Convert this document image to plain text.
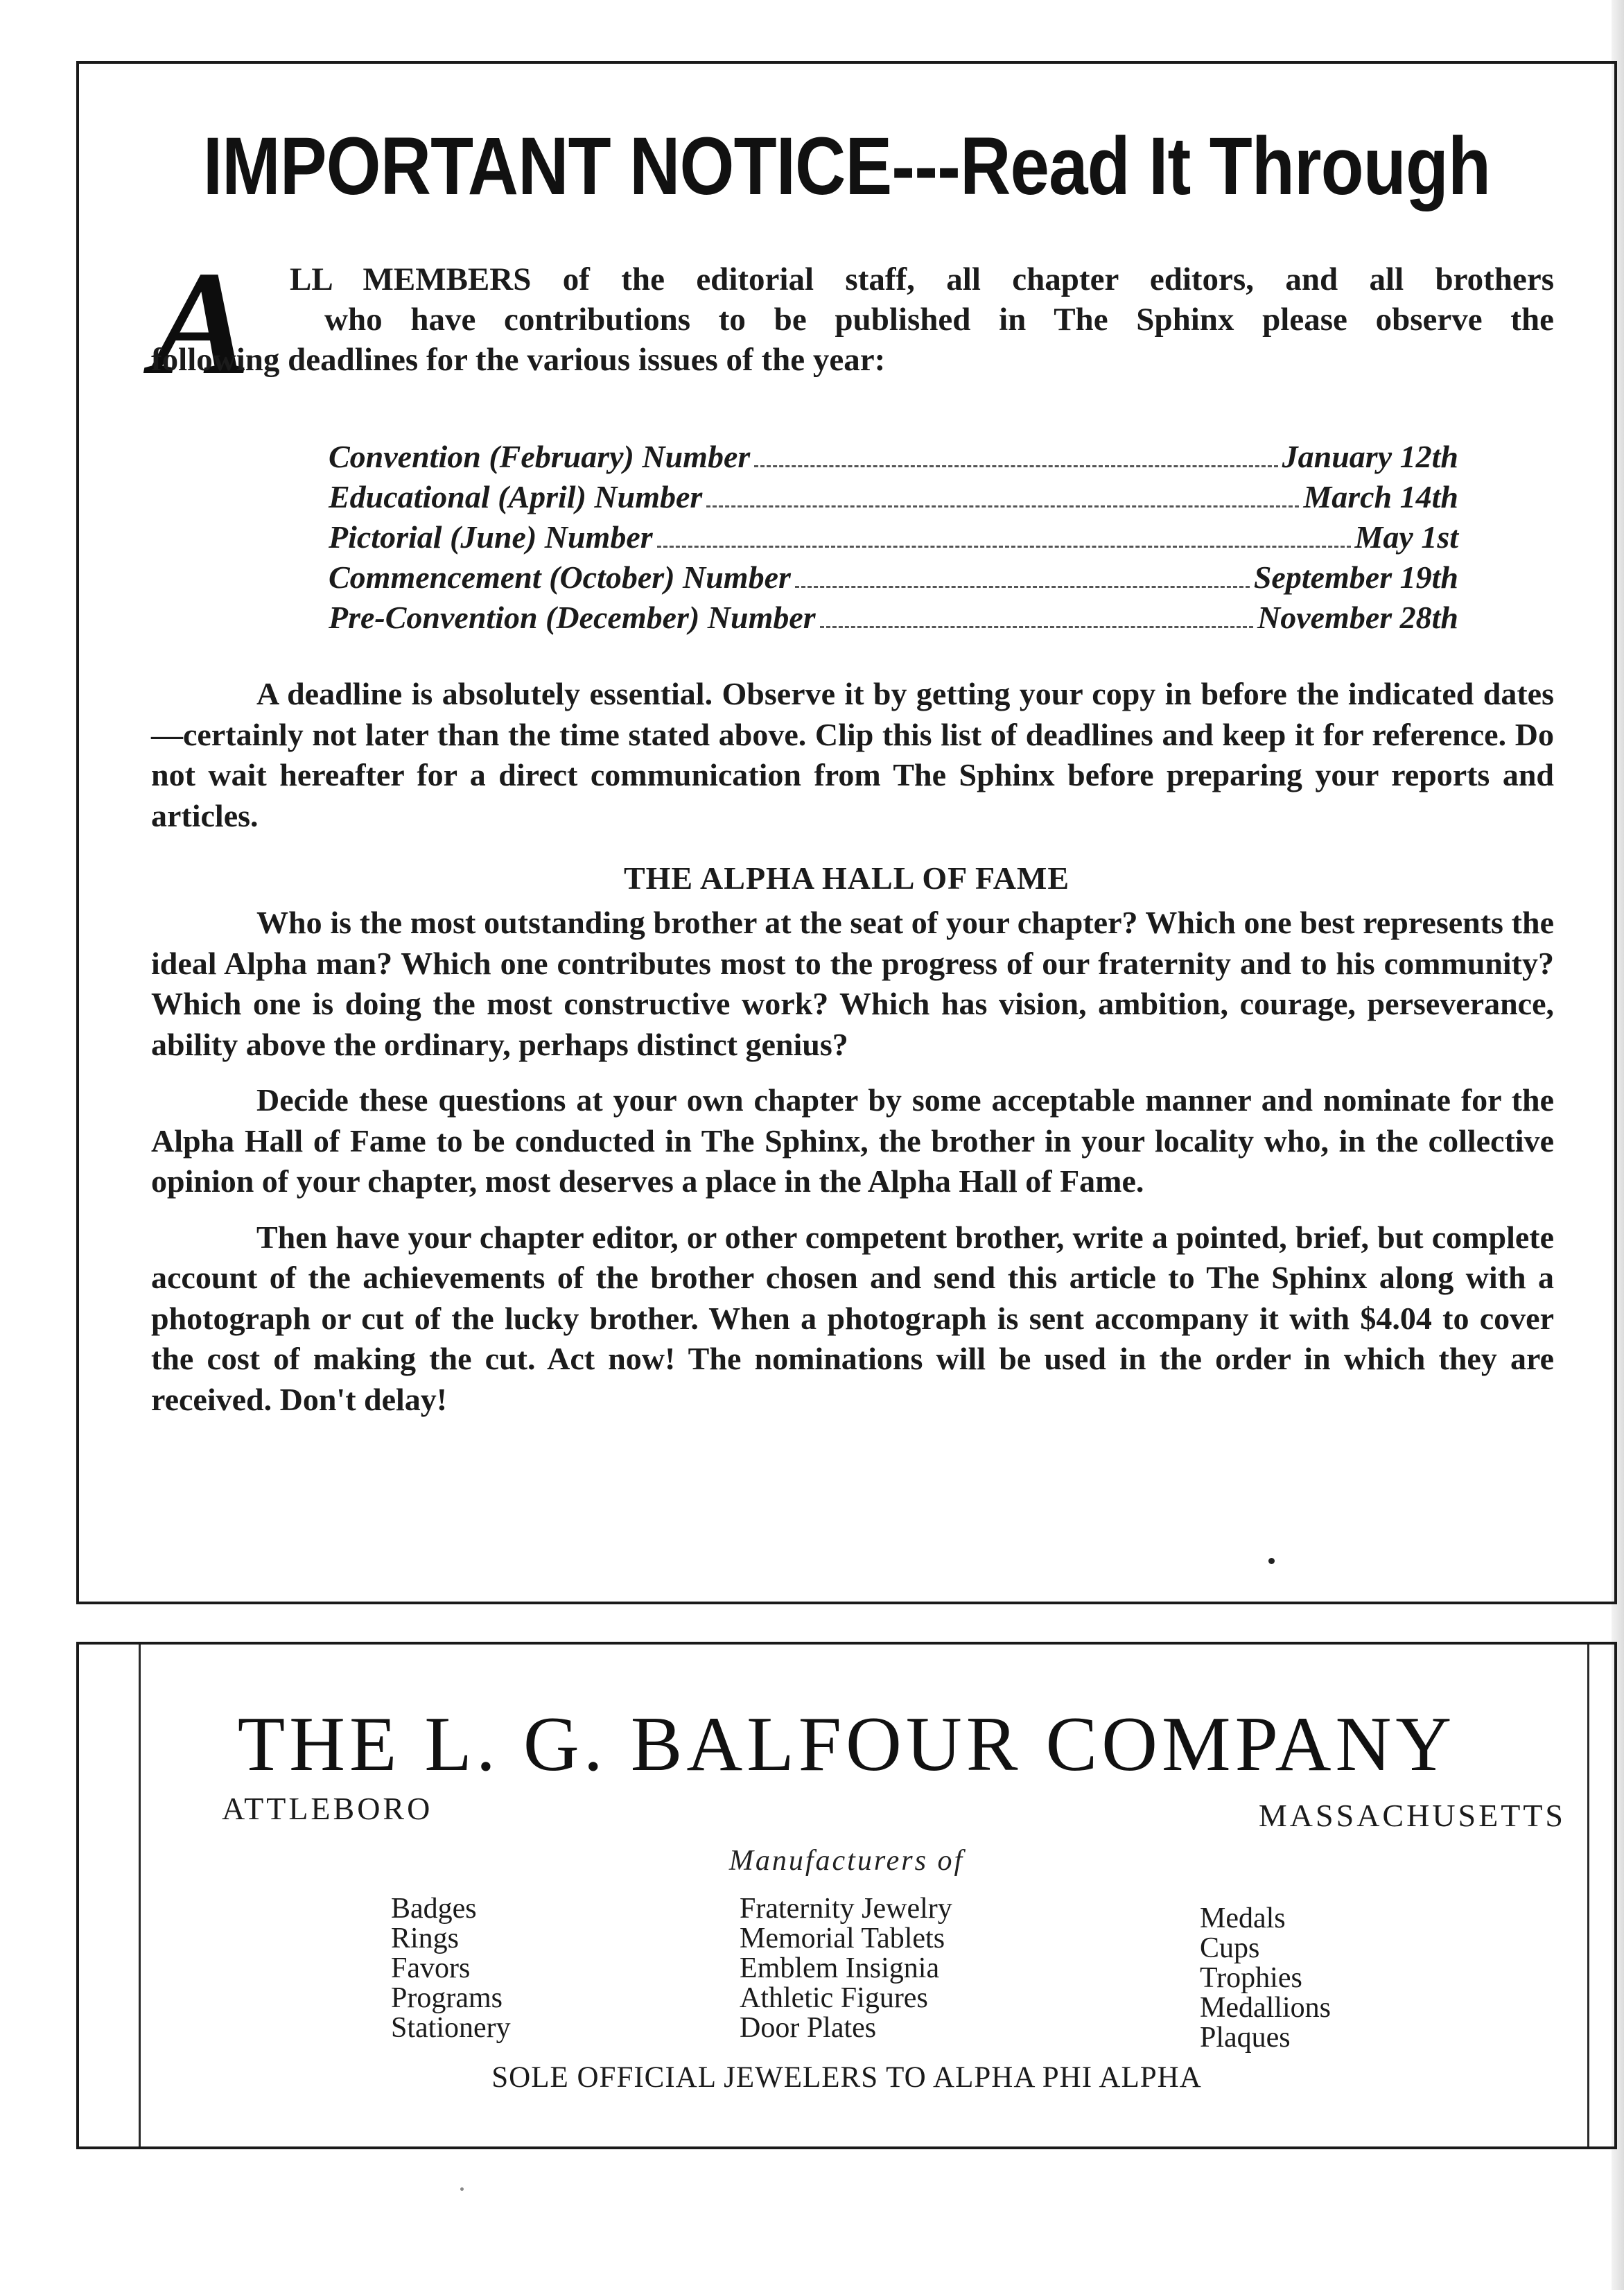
IMPORTANT NOTICE---Read It Through
A	LL MEMBERS of the editorial staff, all chapter editors, and all brothers
who have contributions to be published in The Sphinx please observe the
following deadlines for the various issues of the year:
Convention (February) Number	January 12th
Educational (April) Number	March 14th
Pictorial (June) Number	May 1st
Commencement (October) Number	September 19th
Pre-Convention (December) Number	November 28th

A deadline is absolutely essential. Observe it by getting your copy in before the indicated dates—certainly not later than the time stated above. Clip this list of deadlines and keep it for reference. Do not wait hereafter for a direct communication from The Sphinx before preparing your reports and articles.

THE ALPHA HALL OF FAME

Who is the most outstanding brother at the seat of your chapter? Which one best represents the ideal Alpha man? Which one contributes most to the progress of our fraternity and to his community? Which one is doing the most constructive work? Which has vision, ambition, courage, perseverance, ability above the ordinary, perhaps distinct genius?

Decide these questions at your own chapter by some acceptable manner and nominate for the Alpha Hall of Fame to be conducted in The Sphinx, the brother in your locality who, in the collective opinion of your chapter, most deserves a place in the Alpha Hall of Fame.

Then have your chapter editor, or other competent brother, write a pointed, brief, but complete account of the achievements of the brother chosen and send this article to The Sphinx along with a photograph or cut of the lucky brother. When a photograph is sent accompany it with $4.04 to cover the cost of making the cut. Act now! The nominations will be used in the order in which they are received. Don't delay!

THE L. G. BALFOUR COMPANY
ATTLEBORO	MASSACHUSETTS
Manufacturers of
Badges
Rings
Favors
Programs
Stationery
Fraternity Jewelry
Memorial Tablets
Emblem Insignia
Athletic Figures
Door Plates
Medals
Cups
Trophies
Medallions
Plaques
SOLE OFFICIAL JEWELERS TO ALPHA PHI ALPHA
